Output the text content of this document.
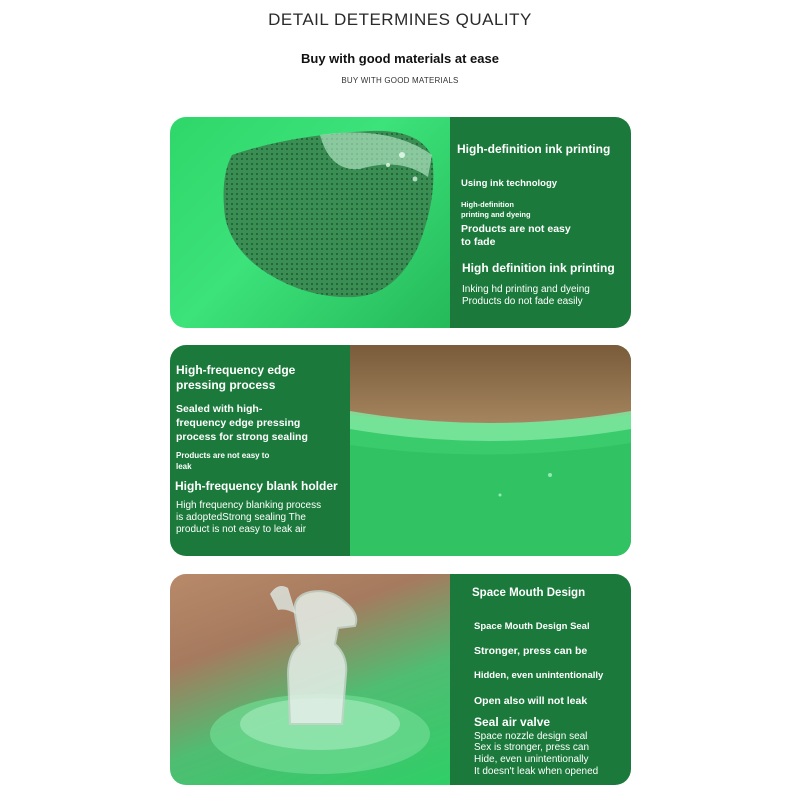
DETAIL DETERMINES QUALITY
Buy with good materials at ease
BUY WITH GOOD MATERIALS
High-definition ink printing
Using ink technology
High-definition
printing and dyeing
Products are not easy
to fade
High definition ink printing
Inking hd printing and dyeing
Products do not fade easily
High-frequency edge
pressing process
Sealed with high-
frequency edge pressing
process for strong sealing
Products are not easy to
leak
High-frequency blank holder
High frequency blanking process
is adoptedStrong sealing The
product is not easy to leak air
Space Mouth Design
Space Mouth Design Seal
Stronger, press can be
Hidden, even unintentionally
Open also will not leak
Seal air valve
Space nozzle design seal
Sex is stronger, press can
Hide, even unintentionally
It doesn't leak when opened
